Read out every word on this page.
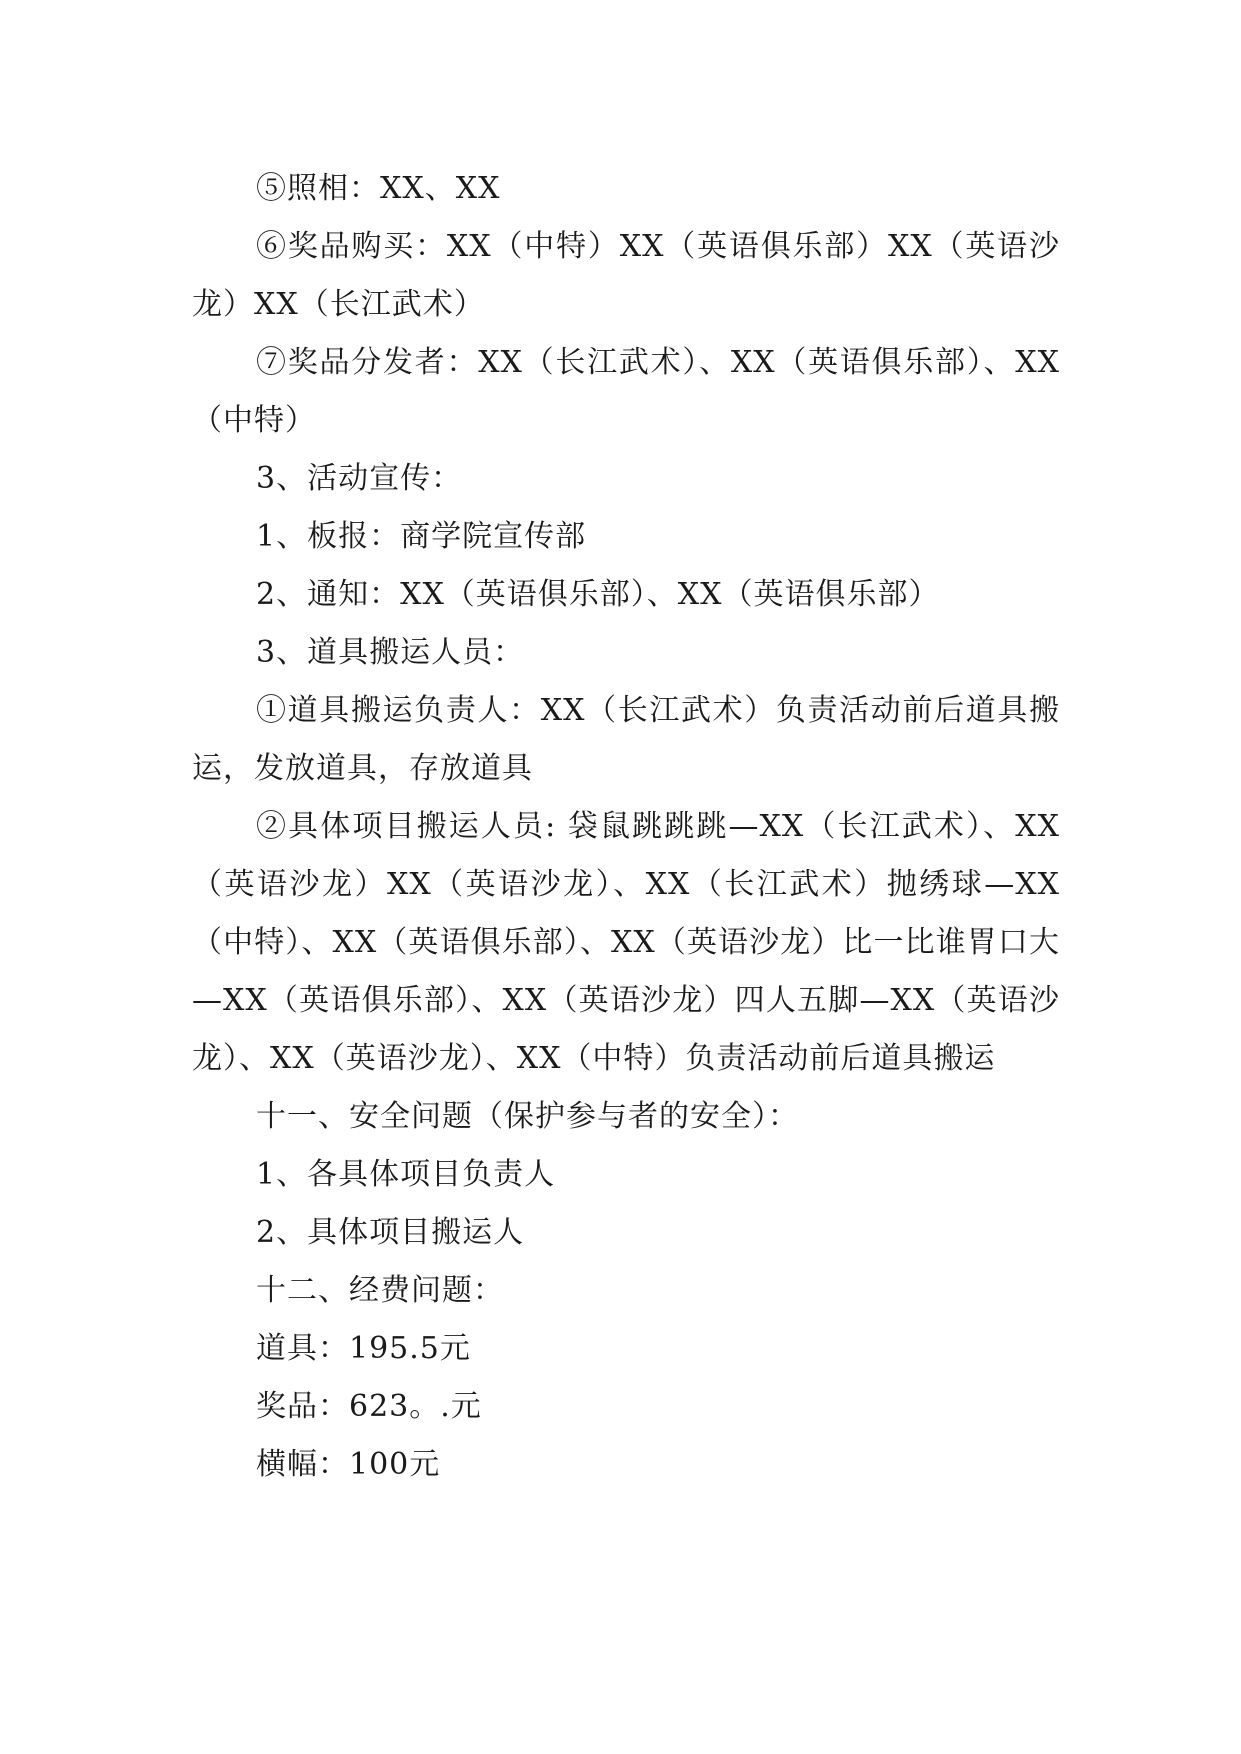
⑤照相：XX、XX

⑥奖品购买：XX（中特）XX（英语俱乐部）XX（英语沙龙）XX（长江武术）

⑦奖品分发者：XX（长江武术）、XX（英语俱乐部）、XX（中特）

3、活动宣传：

1、板报：商学院宣传部

2、通知：XX（英语俱乐部）、XX（英语俱乐部）

3、道具搬运人员：

①道具搬运负责人：XX（长江武术）负责活动前后道具搬运，发放道具，存放道具

②具体项目搬运人员: 袋鼠跳跳跳—XX（长江武术）、XX（英语沙龙）XX（英语沙龙）、XX（长江武术）抛绣球—XX（中特）、XX（英语俱乐部）、XX（英语沙龙）比一比谁胃口大—XX（英语俱乐部）、XX（英语沙龙）四人五脚—XX（英语沙龙）、XX（英语沙龙）、XX（中特）负责活动前后道具搬运

十一、安全问题（保护参与者的安全）：

1、各具体项目负责人

2、具体项目搬运人

十二、经费问题：

道具：195.5元

奖品：623。.元

横幅：100元
